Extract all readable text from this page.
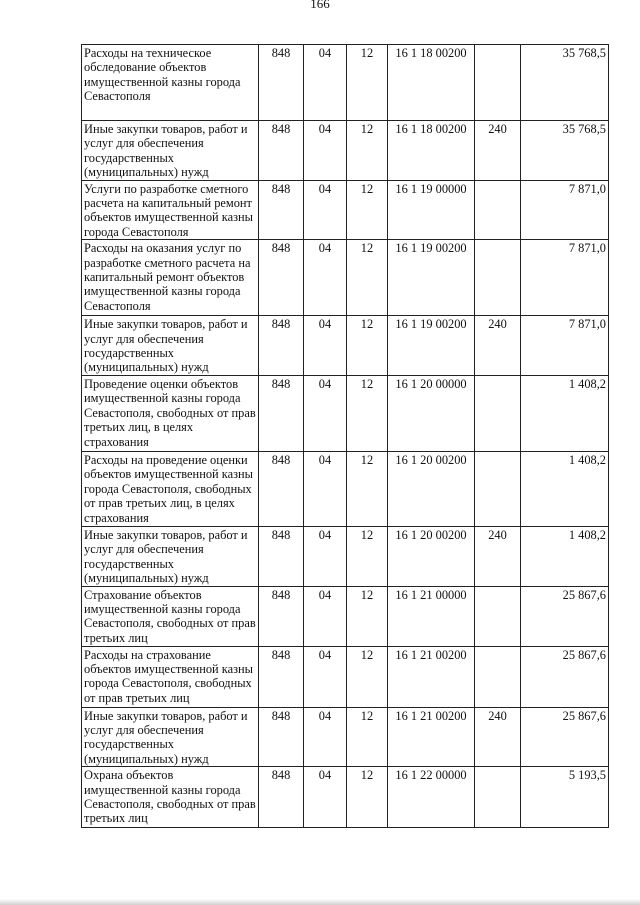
166
Расходы на техническое обследование объектов имущественной казны города Севастополя	848	04	12	16 1 18 00200		35 768,5
Иные закупки товаров, работ и услуг для обеспечения государственных (муниципальных) нужд	848	04	12	16 1 18 00200	240	35 768,5
Услуги по разработке сметного расчета на капитальный ремонт объектов имущественной казны города Севастополя	848	04	12	16 1 19 00000		7 871,0
Расходы на оказания услуг по разработке сметного расчета на капитальный ремонт объектов имущественной казны города Севастополя	848	04	12	16 1 19 00200		7 871,0
Иные закупки товаров, работ и услуг для обеспечения государственных (муниципальных) нужд	848	04	12	16 1 19 00200	240	7 871,0
Проведение оценки объектов имущественной казны города Севастополя, свободных от прав третьих лиц, в целях страхования	848	04	12	16 1 20 00000		1 408,2
Расходы на проведение оценки объектов имущественной казны города Севастополя, свободных от прав третьих лиц, в целях страхования	848	04	12	16 1 20 00200		1 408,2
Иные закупки товаров, работ и услуг для обеспечения государственных (муниципальных) нужд	848	04	12	16 1 20 00200	240	1 408,2
Страхование объектов имущественной казны города Севастополя, свободных от прав третьих лиц	848	04	12	16 1 21 00000		25 867,6
Расходы на страхование объектов имущественной казны города Севастополя, свободных от прав третьих лиц	848	04	12	16 1 21 00200		25 867,6
Иные закупки товаров, работ и услуг для обеспечения государственных (муниципальных) нужд	848	04	12	16 1 21 00200	240	25 867,6
Охрана объектов имущественной казны города Севастополя, свободных от прав третьих лиц	848	04	12	16 1 22 00000		5 193,5
